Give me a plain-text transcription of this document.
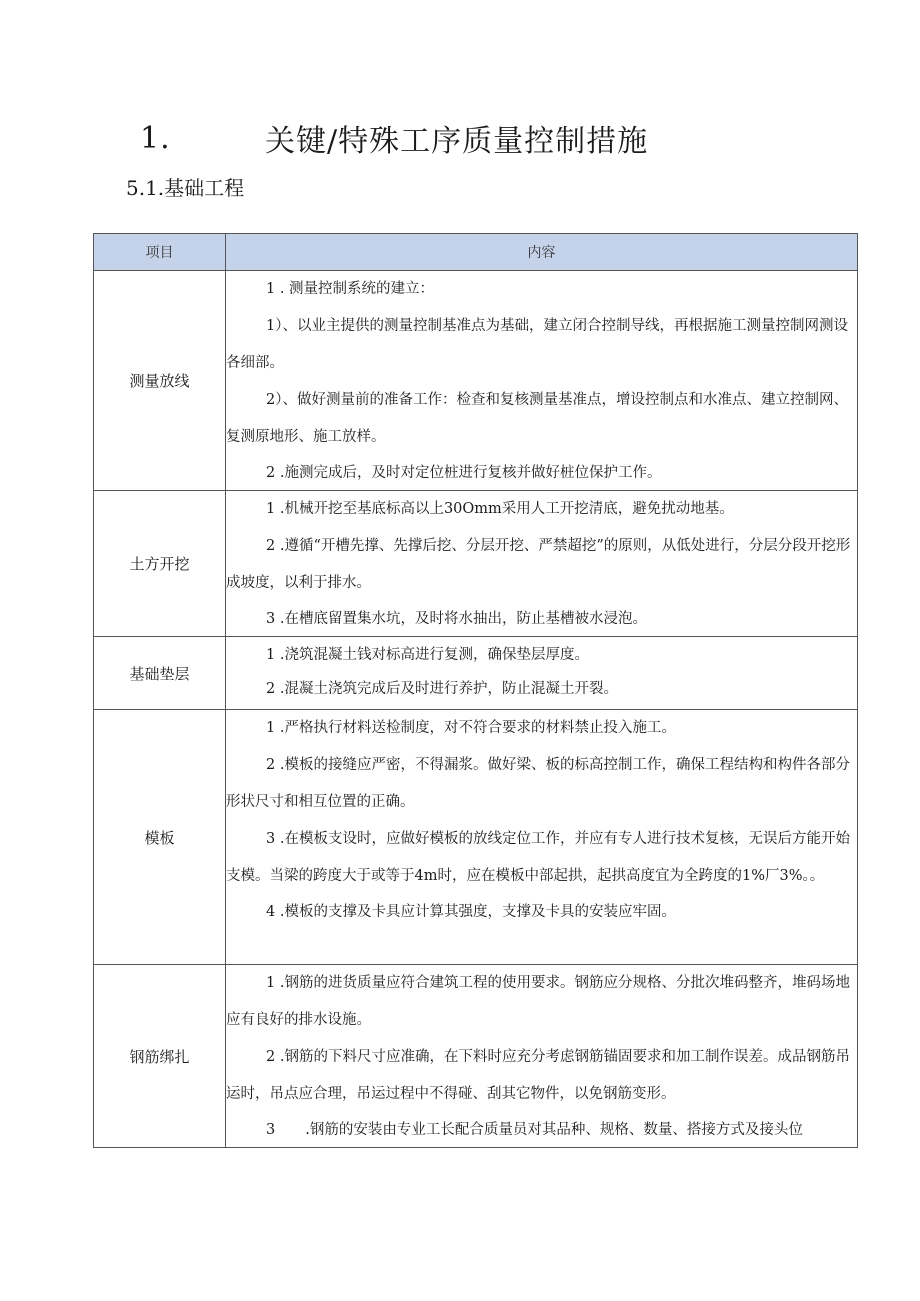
1.	关键/特殊工序质量控制措施
5.1.基础工程
项目	内容
测量放线	1 . 测量控制系统的建立：

1）、以业主提供的测量控制基准点为基础，建立闭合控制导线，再根据施工测量控制网测设各细部。

2）、做好测量前的准备工作：检查和复核测量基准点，增设控制点和水准点、建立控制网、复测原地形、施工放样。

2 .施测完成后，及时对定位桩进行复核并做好桩位保护工作。

土方开挖	1 .机械开挖至基底标高以上30Omm采用人工开挖清底，避免扰动地基。

2 .遵循“开槽先撑、先撑后挖、分层开挖、严禁超挖”的原则，从低处进行，分层分段开挖形成坡度，以利于排水。

3 .在槽底留置集水坑，及时将水抽出，防止基槽被水浸泡。

基础垫层	1 .浇筑混凝土钱对标高进行复测，确保垫层厚度。

2 .混凝土浇筑完成后及时进行养护，防止混凝土开裂。

模板	1 .严格执行材料送检制度，对不符合要求的材料禁止投入施工。

2 .模板的接缝应严密，不得漏浆。做好梁、板的标高控制工作，确保工程结构和构件各部分形状尺寸和相互位置的正确。

3 .在模板支设时，应做好模板的放线定位工作，并应有专人进行技术复核，无误后方能开始支模。当梁的跨度大于或等于4m时，应在模板中部起拱，起拱高度宜为全跨度的1%厂3%。。

4 .模板的支撑及卡具应计算其强度，支撑及卡具的安装应牢固。

钢筋绑扎	1 .钢筋的进货质量应符合建筑工程的使用要求。钢筋应分规格、分批次堆码整齐，堆码场地应有良好的排水设施。

2 .钢筋的下料尺寸应准确，在下料时应充分考虑钢筋锚固要求和加工制作误差。成品钢筋吊运时，吊点应合理，吊运过程中不得碰、刮其它物件，以免钢筋变形。

3 .钢筋的安装由专业工长配合质量员对其品种、规格、数量、搭接方式及接头位
